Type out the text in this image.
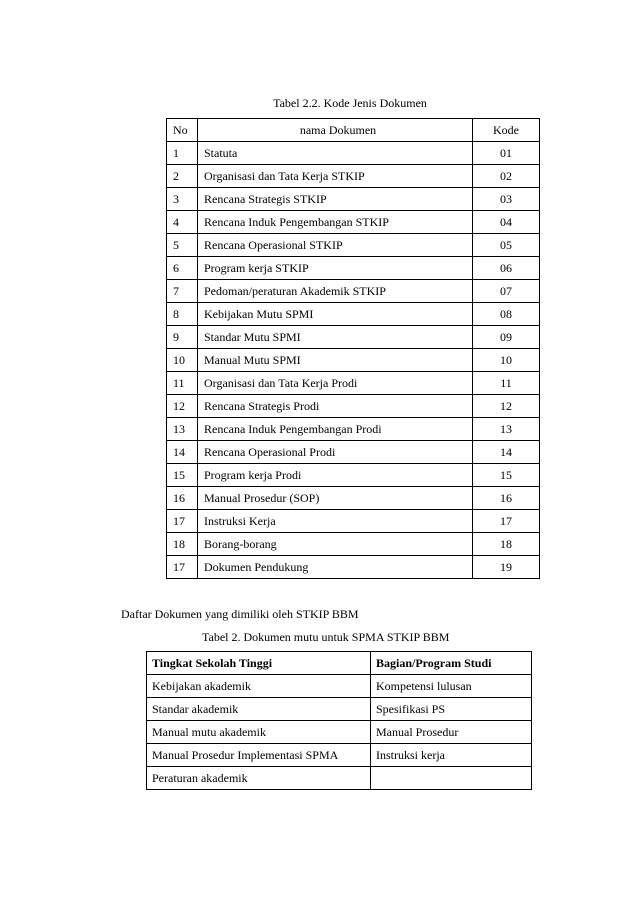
Tabel 2.2. Kode Jenis Dokumen
No	nama Dokumen	Kode
1	Statuta	01
2	Organisasi dan Tata Kerja STKIP	02
3	Rencana Strategis STKIP	03
4	Rencana Induk Pengembangan STKIP	04
5	Rencana Operasional STKIP	05
6	Program kerja STKIP	06
7	Pedoman/peraturan Akademik STKIP	07
8	Kebijakan Mutu SPMI	08
9	Standar Mutu SPMI	09
10	Manual Mutu SPMI	10
11	Organisasi dan Tata Kerja Prodi	11
12	Rencana Strategis Prodi	12
13	Rencana Induk Pengembangan Prodi	13
14	Rencana Operasional Prodi	14
15	Program kerja Prodi	15
16	Manual Prosedur (SOP)	16
17	Instruksi Kerja	17
18	Borang-borang	18
17	Dokumen Pendukung	19
Daftar Dokumen yang dimiliki oleh STKIP BBM
Tabel 2. Dokumen mutu untuk SPMA STKIP BBM
Tingkat Sekolah Tinggi	Bagian/Program Studi
Kebijakan akademik	Kompetensi lulusan
Standar akademik	Spesifikasi PS
Manual mutu akademik	Manual Prosedur
Manual Prosedur Implementasi SPMA	Instruksi kerja
Peraturan akademik	
